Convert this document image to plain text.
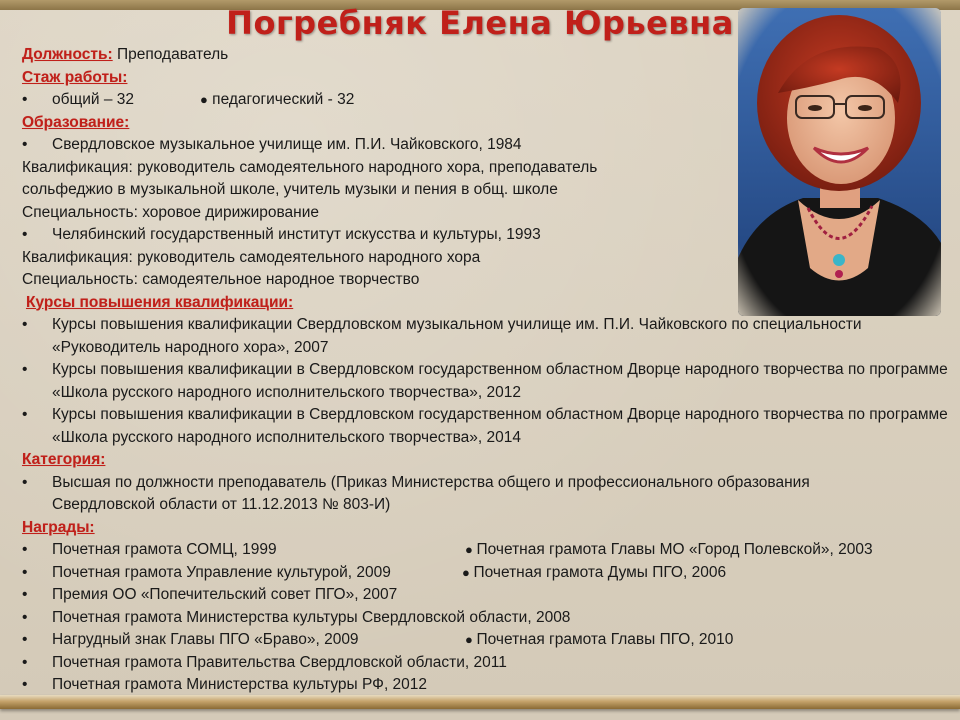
Погребняк Елена Юрьевна
Должность: Преподаватель
Стаж работы:
• общий – 32	● педагогический - 32
Образование:
• Свердловское музыкальное училище им. П.И. Чайковского, 1984
Квалификация: руководитель самодеятельного народного хора, преподаватель
сольфеджио в музыкальной школе, учитель музыки и пения в общ. школе
Специальность: хоровое дирижирование
• Челябинский государственный институт искусства и культуры, 1993
Квалификация: руководитель самодеятельного народного хора
Специальность: самодеятельное народное творчество
Курсы повышения квалификации:
• Курсы повышения квалификации Свердловском музыкальном училище им. П.И. Чайковского по специальности «Руководитель народного хора», 2007
• Курсы повышения квалификации в Свердловском государственном областном Дворце народного творчества по программе «Школа русского народного исполнительского творчества», 2012
• Курсы повышения квалификации в Свердловском государственном областном Дворце народного творчества по программе «Школа русского народного исполнительского творчества», 2014
Категория:
• Высшая по должности преподаватель (Приказ Министерства общего и профессионального образования Свердловской области от 11.12.2013 № 803-И)
Награды:
• Почетная грамота СОМЦ, 1999	● Почетная грамота Главы МО «Город Полевской», 2003
• Почетная грамота Управление культурой, 2009	● Почетная грамота Думы ПГО, 2006
• Премия ОО «Попечительский совет ПГО», 2007
• Почетная грамота Министерства культуры Свердловской области, 2008
• Нагрудный знак Главы ПГО «Браво», 2009	● Почетная грамота Главы ПГО, 2010
• Почетная грамота Правительства Свердловской области, 2011
• Почетная грамота Министерства культуры РФ, 2012
